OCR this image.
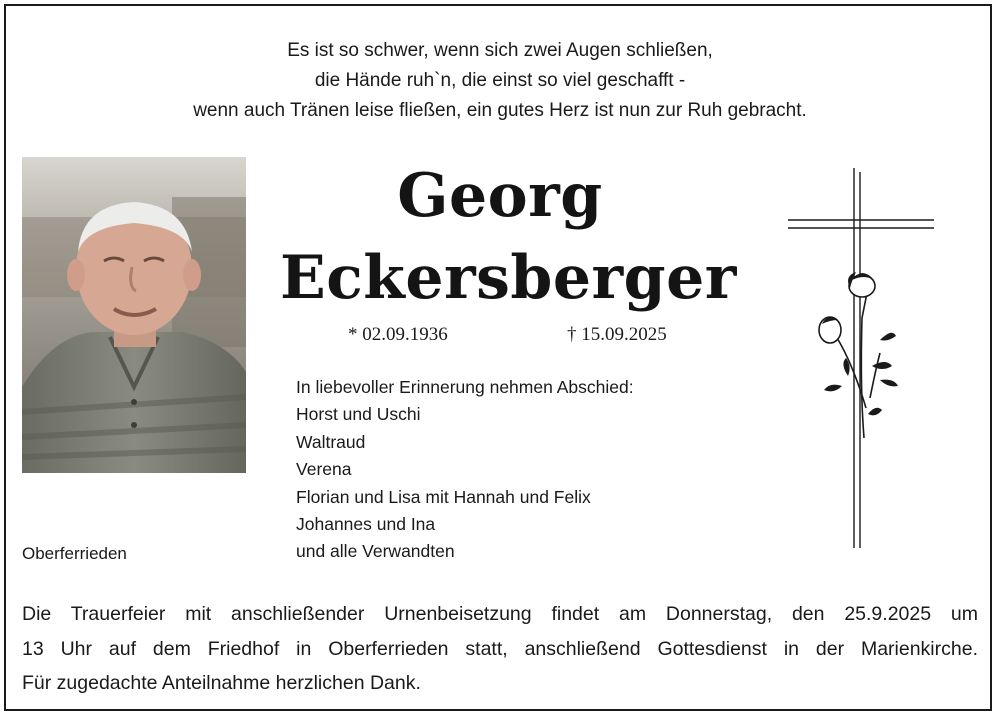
Es ist so schwer, wenn sich zwei Augen schließen,
die Hände ruh`n, die einst so viel geschafft -
wenn auch Tränen leise fließen, ein gutes Herz ist nun zur Ruh gebracht.
Oberferrieden
Georg
Eckersberger
* 02.09.1936	† 15.09.2025
In liebevoller Erinnerung nehmen Abschied:
Horst und Uschi
Waltraud
Verena
Florian und Lisa mit Hannah und Felix
Johannes und Ina
und alle Verwandten
Die Trauerfeier mit anschließender Urnenbeisetzung findet am Donnerstag, den 25.9.2025 um
13 Uhr auf dem Friedhof in Oberferrieden statt, anschließend Gottesdienst in der Marienkirche.
Für zugedachte Anteilnahme herzlichen Dank.
